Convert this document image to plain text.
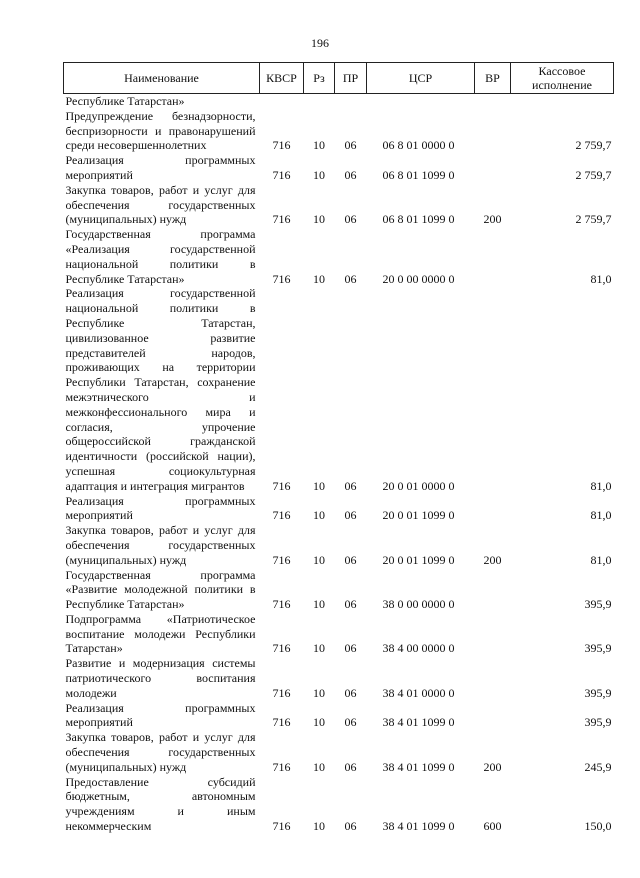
196
Наименование	КВСР	Рз	ПР	ЦСР	ВР	Кассовое
исполнение
Республике Татарстан»						
Предупреждение безнадзорности, беспризорности и правонарушений среди несовершеннолетних	716	10	06	06 8 01 0000 0		2 759,7
Реализация программных мероприятий	716	10	06	06 8 01 1099 0		2 759,7
Закупка товаров, работ и услуг для обеспечения государственных (муниципальных) нужд	716	10	06	06 8 01 1099 0	200	2 759,7
Государственная программа «Реализация государственной национальной политики в Республике Татарстан»	716	10	06	20 0 00 0000 0		81,0
Реализация государственной национальной политики в Республике Татарстан, цивилизованное развитие представителей народов, проживающих на территории Республики Татарстан, сохранение межэтнического и межконфессионального мира и согласия, упрочение общероссийской гражданской идентичности (российской нации), успешная социокультурная адаптация и интеграция мигрантов	716	10	06	20 0 01 0000 0		81,0
Реализация программных мероприятий	716	10	06	20 0 01 1099 0		81,0
Закупка товаров, работ и услуг для обеспечения государственных (муниципальных) нужд	716	10	06	20 0 01 1099 0	200	81,0
Государственная программа «Развитие молодежной политики в Республике Татарстан»	716	10	06	38 0 00 0000 0		395,9
Подпрограмма «Патриотическое воспитание молодежи Республики Татарстан»	716	10	06	38 4 00 0000 0		395,9
Развитие и модернизация системы патриотического воспитания молодежи	716	10	06	38 4 01 0000 0		395,9
Реализация программных мероприятий	716	10	06	38 4 01 1099 0		395,9
Закупка товаров, работ и услуг для обеспечения государственных (муниципальных) нужд	716	10	06	38 4 01 1099 0	200	245,9
Предоставление субсидий бюджетным, автономным учреждениям и иным некоммерческим	716	10	06	38 4 01 1099 0	600	150,0
